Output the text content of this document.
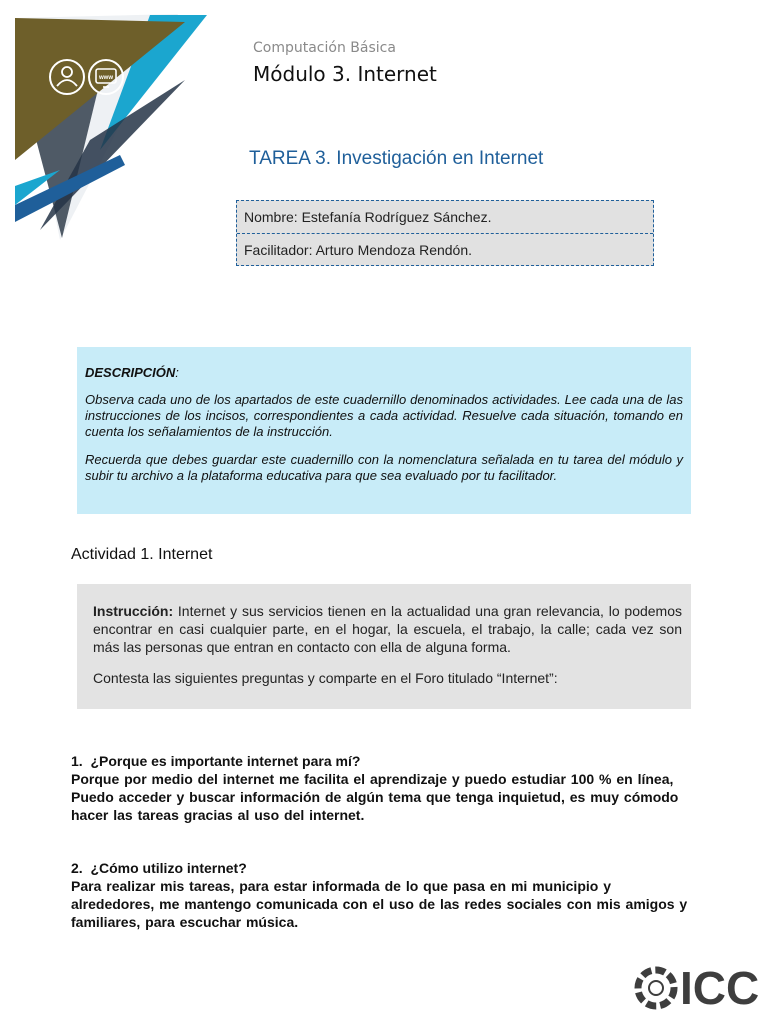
www
Computación Básica
Módulo 3. Internet
TAREA 3. Investigación en Internet
Nombre: Estefanía Rodríguez Sánchez.
Facilitador: Arturo Mendoza Rendón.
DESCRIPCIÓN:

Observa cada uno de los apartados de este cuadernillo denominados actividades. Lee cada una de las instrucciones de los incisos, correspondientes a cada actividad. Resuelve cada situación, tomando en cuenta los señalamientos de la instrucción.

Recuerda que debes guardar este cuadernillo con la nomenclatura señalada en tu tarea del módulo y subir tu archivo a la plataforma educativa para que sea evaluado por tu facilitador.

Actividad 1. Internet

Instrucción: Internet y sus servicios tienen en la actualidad una gran relevancia, lo podemos encontrar en casi cualquier parte, en el hogar, la escuela, el trabajo, la calle; cada vez son más las personas que entran en contacto con ella de alguna forma.

Contesta las siguientes preguntas y comparte en el Foro titulado “Internet”:

1.  ¿Porque es importante internet para mí?
Porque por medio del internet me facilita el aprendizaje y puedo estudiar 100 % en línea, Puedo acceder y buscar información de algún tema que tenga inquietud, es muy cómodo hacer las tareas gracias al uso del internet.
2.  ¿Cómo utilizo internet?
Para realizar mis tareas, para estar informada de lo que pasa en mi municipio y alrededores, me mantengo comunicada con el uso de las redes sociales con mis amigos y familiares, para escuchar música.
ICC
